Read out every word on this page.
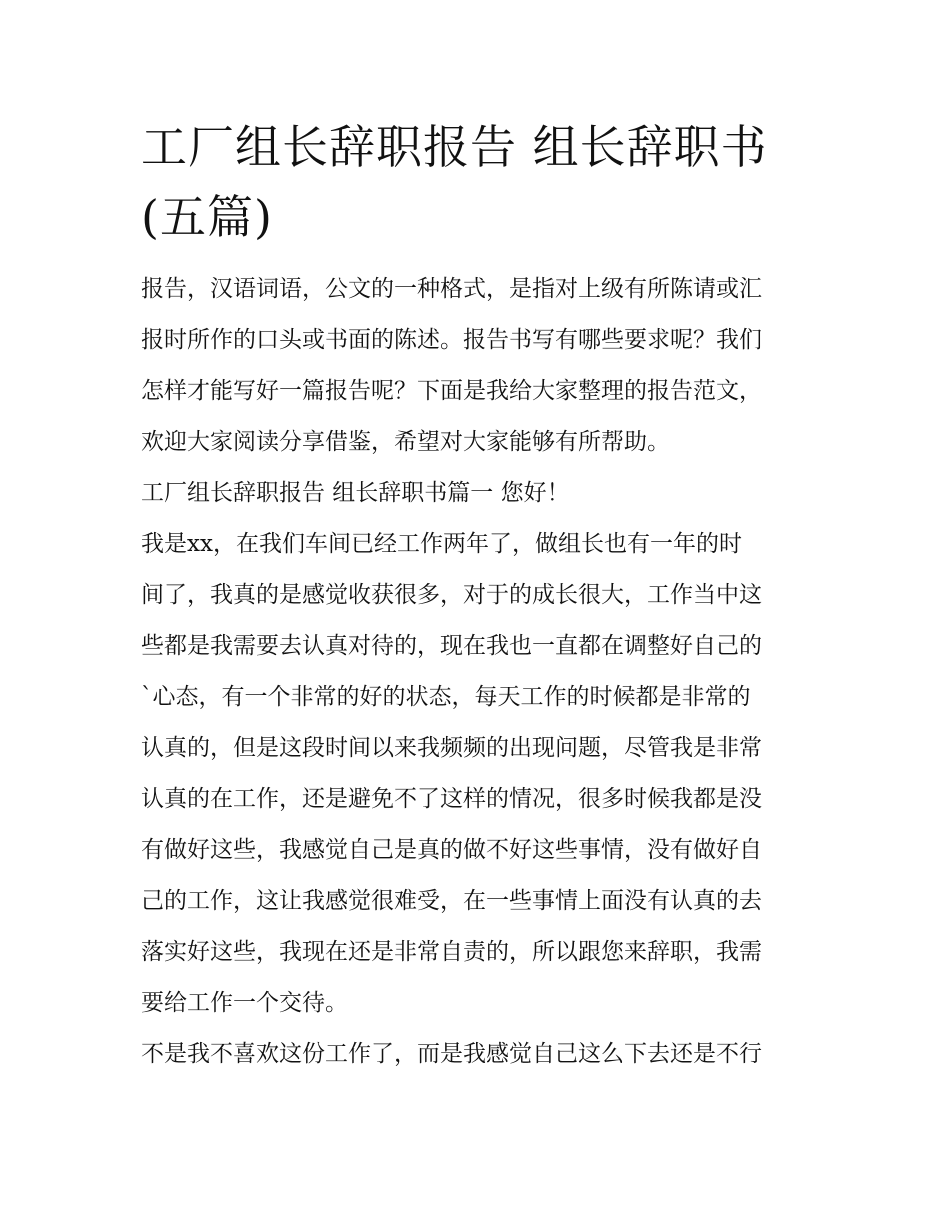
工厂组长辞职报告 组长辞职书
(五篇)

报告，汉语词语，公文的一种格式，是指对上级有所陈请或汇
报时所作的口头或书面的陈述。报告书写有哪些要求呢？我们
怎样才能写好一篇报告呢？下面是我给大家整理的报告范文，
欢迎大家阅读分享借鉴，希望对大家能够有所帮助。

工厂组长辞职报告 组长辞职书篇一 您好！

我是xx，在我们车间已经工作两年了，做组长也有一年的时
间了，我真的是感觉收获很多，对于的成长很大，工作当中这
些都是我需要去认真对待的，现在我也一直都在调整好自己的
`心态，有一个非常的好的状态，每天工作的时候都是非常的
认真的，但是这段时间以来我频频的出现问题，尽管我是非常
认真的在工作，还是避免不了这样的情况，很多时候我都是没
有做好这些，我感觉自己是真的做不好这些事情，没有做好自
己的工作，这让我感觉很难受，在一些事情上面没有认真的去
落实好这些，我现在还是非常自责的，所以跟您来辞职，我需
要给工作一个交待。

不是我不喜欢这份工作了，而是我感觉自己这么下去还是不行
